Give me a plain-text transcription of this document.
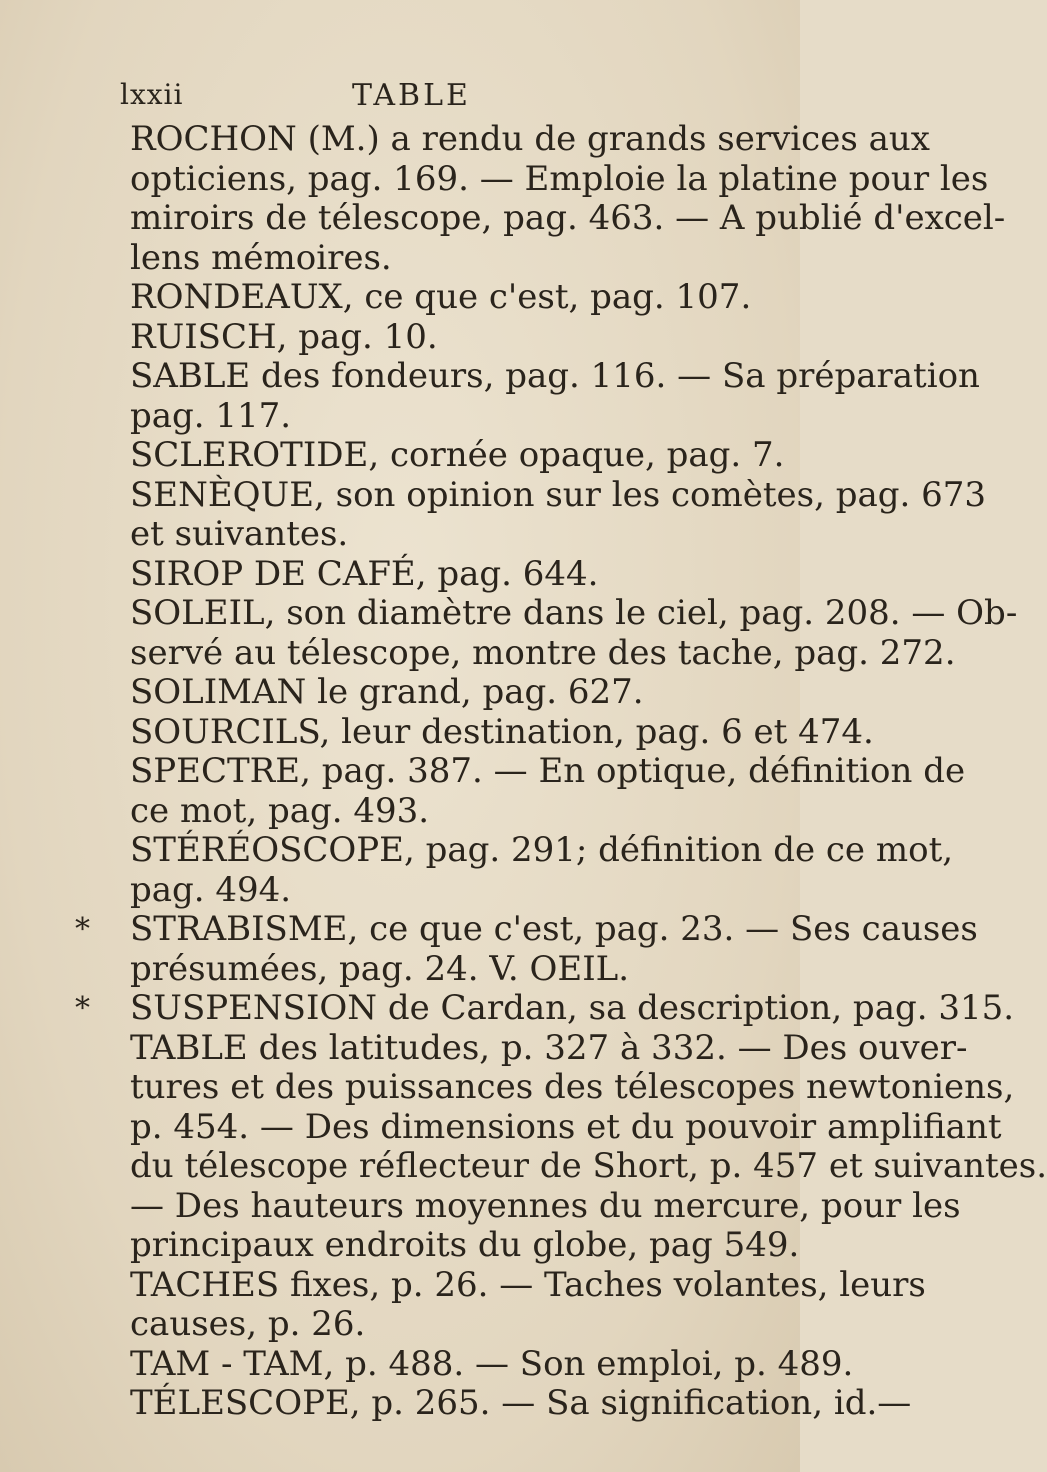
lxxii	TABLE
ROCHON (M.) a rendu de grands services aux
opticiens, pag. 169. — Emploie la platine pour les
miroirs de télescope, pag. 463. — A publié d'excel-
lens mémoires.
RONDEAUX, ce que c'est, pag. 107.
RUISCH, pag. 10.
SABLE des fondeurs, pag. 116. — Sa préparation
pag. 117.
SCLEROTIDE, cornée opaque, pag. 7.
SENÈQUE, son opinion sur les comètes, pag. 673
et suivantes.
SIROP DE CAFÉ, pag. 644.
SOLEIL, son diamètre dans le ciel, pag. 208. — Ob-
servé au télescope, montre des tache, pag. 272.
SOLIMAN le grand, pag. 627.
SOURCILS, leur destination, pag. 6 et 474.
SPECTRE, pag. 387. — En optique, définition de
ce mot, pag. 493.
STÉRÉOSCOPE, pag. 291; définition de ce mot,
pag. 494.
* STRABISME, ce que c'est, pag. 23. — Ses causes
présumées, pag. 24. V. OEIL.
* SUSPENSION de Cardan, sa description, pag. 315.
TABLE des latitudes, p. 327 à 332. — Des ouver-
tures et des puissances des télescopes newtoniens,
p. 454. — Des dimensions et du pouvoir amplifiant
du télescope réflecteur de Short, p. 457 et suivantes.
— Des hauteurs moyennes du mercure, pour les
principaux endroits du globe, pag 549.
TACHES fixes, p. 26. — Taches volantes, leurs
causes, p. 26.
TAM - TAM, p. 488. — Son emploi, p. 489.
TÉLESCOPE, p. 265. — Sa signification, id.—
